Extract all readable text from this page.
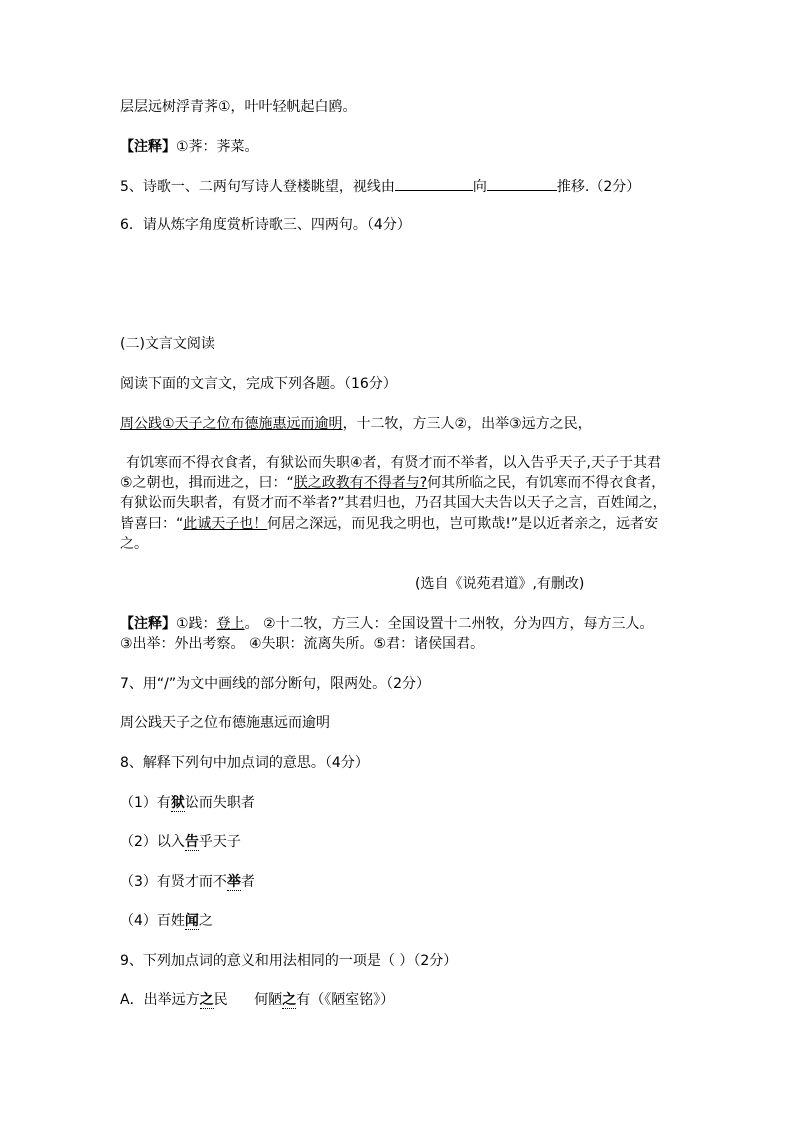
层层远树浮青荠①，叶叶轻帆起白鸥。
【注释】①荠：荠菜。
5、诗歌一、二两句写诗人登楼眺望，视线由	向	推移.（2分）
6．请从炼字角度赏析诗歌三、四两句。（4分）
(二)文言文阅读
阅读下面的文言文，完成下列各题。（16分）
周公践①天子之位布德施惠远而逾明，十二牧，方三人②，出举③远方之民，
有饥寒而不得衣食者，有狱讼而失职④者，有贤才而不举者，以入告乎天子,天子于其君
⑤之朝也，揖而进之，曰：“朕之政教有不得者与?何其所临之民，有饥寒而不得衣食者，
有狱讼而失职者，有贤才而不举者?”其君归也，乃召其国大夫告以天子之言，百姓闻之，
皆喜曰：“此诚天子也！何居之深远，而见我之明也，岂可欺哉!”是以近者亲之，远者安
之。
(选自《说苑君道》,有删改)
【注释】①践：登上。 ②十二牧，方三人：全国设置十二州牧，分为四方，每方三人。
③出举：外出考察。 ④失职：流离失所。⑤君：诸侯国君。
7、用“/”为文中画线的部分断句，限两处。（2分）
周公践天子之位布德施惠远而逾明
8、解释下列句中加点词的意思。（4分）
（1）有狱讼而失职者
（2）以入告乎天子
（3）有贤才而不举者
（4）百姓闻之
9、下列加点词的意义和用法相同的一项是（ ）（2分）
A．出举远方之民      何陋之有（《陋室铭》）
